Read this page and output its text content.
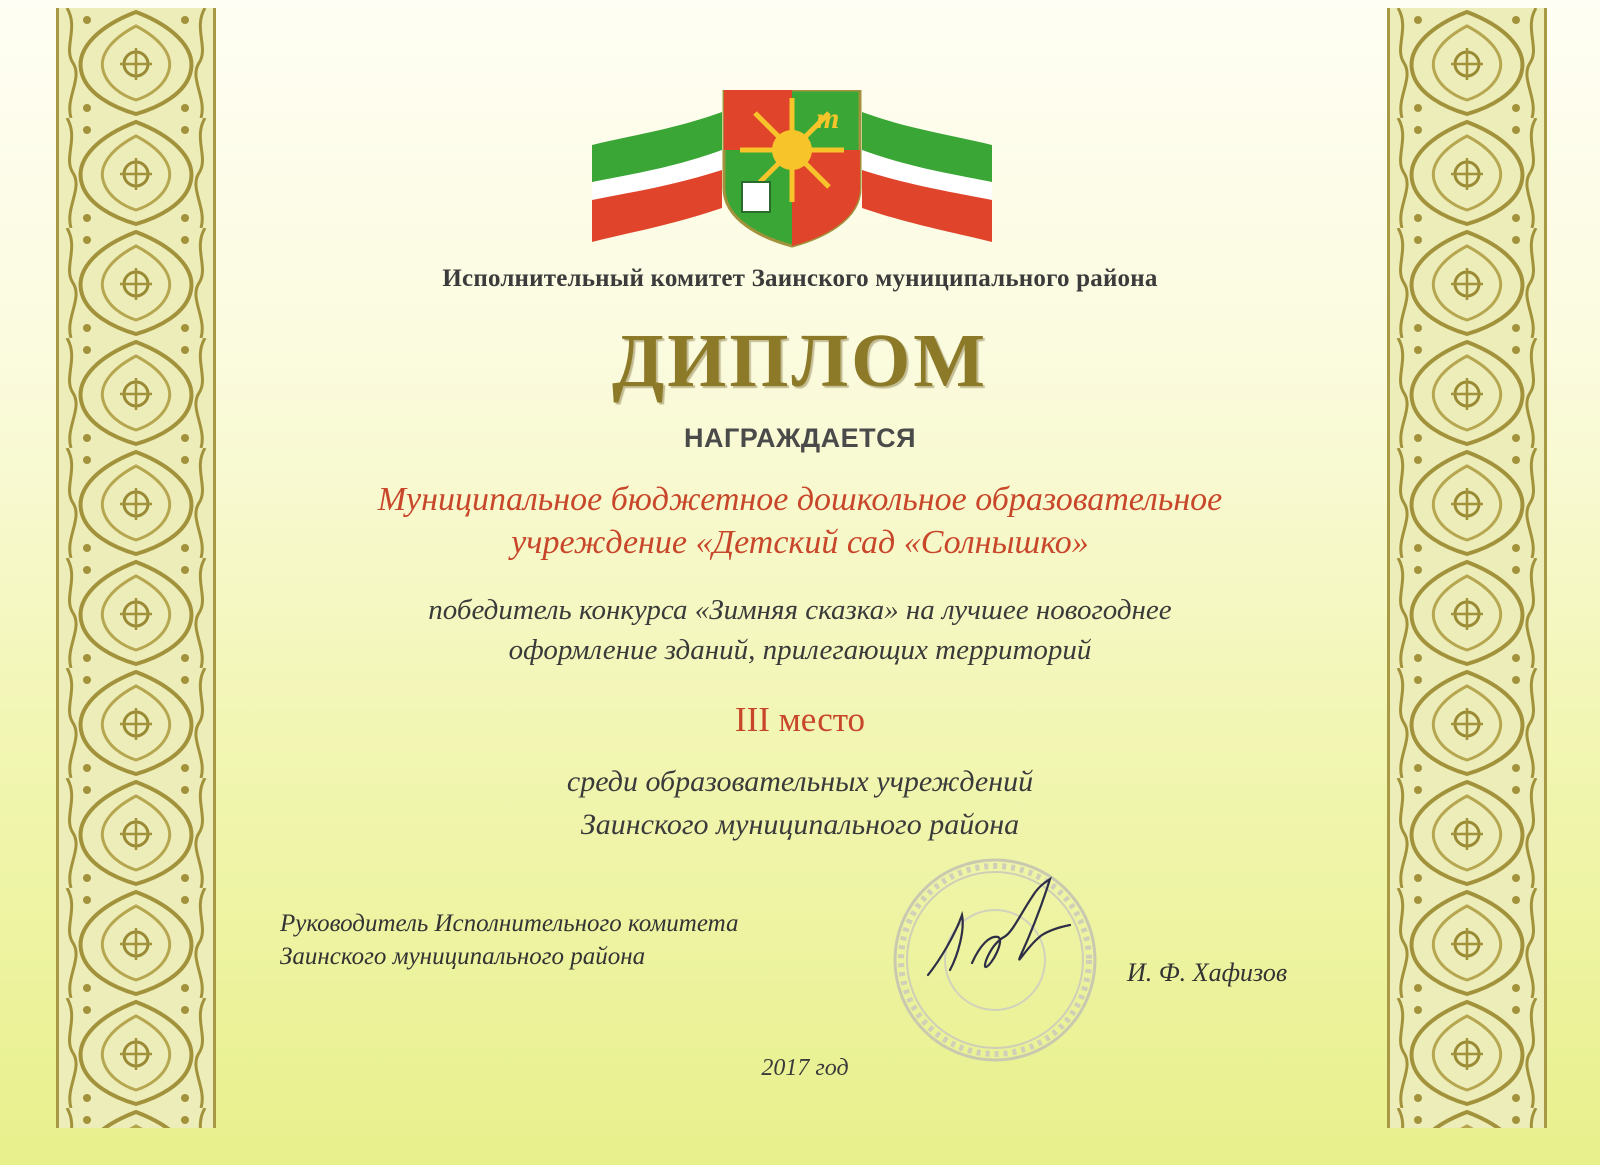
т

Исполнительный комитет Заинского муниципального района

ДИПЛОМ

НАГРАЖДАЕТСЯ

Муниципальное бюджетное дошкольное образовательное
учреждение «Детский сад «Солнышко»
победитель конкурса «Зимняя сказка» на лучшее новогоднее
оформление зданий, прилегающих территорий

III место

среди образовательных учреждений
Заинского муниципального района
Руководитель Исполнительного комитета
Заинского муниципального района

И. Ф. Хафизов

2017 год
